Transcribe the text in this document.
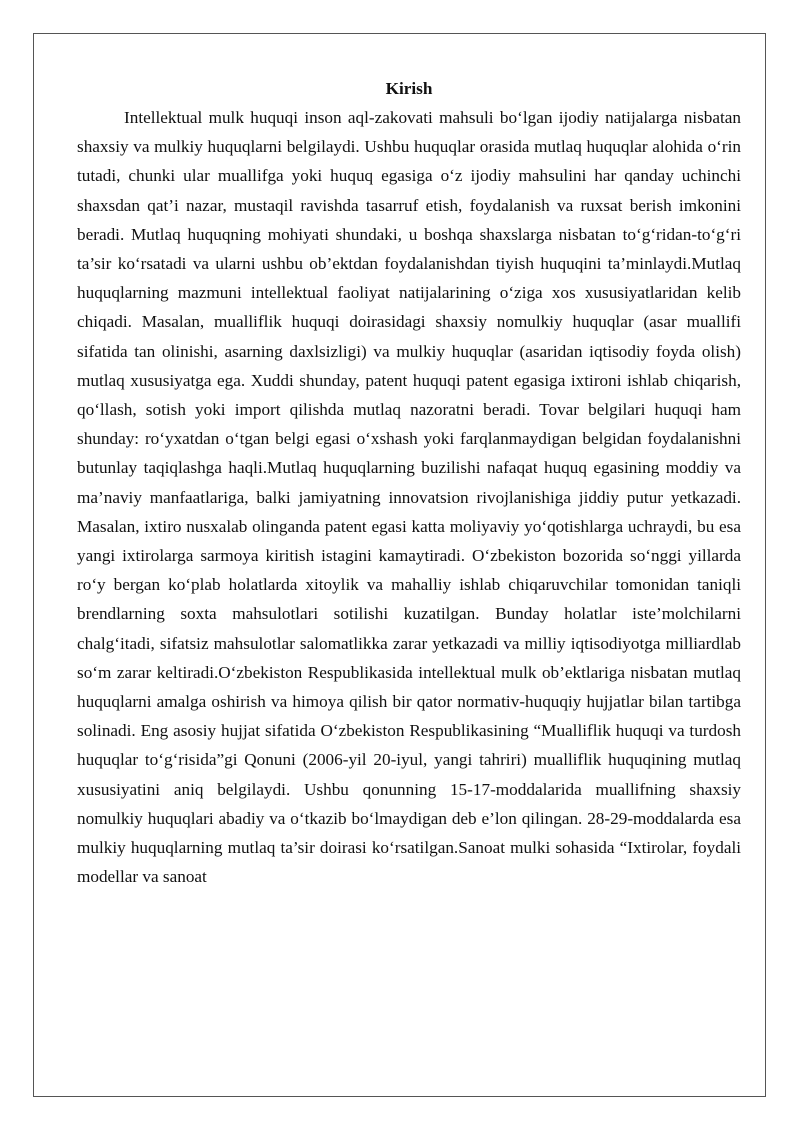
Kirish

Intellektual mulk huquqi inson aql-zakovati mahsuli bo‘lgan ijodiy natijalarga nisbatan shaxsiy va mulkiy huquqlarni belgilaydi. Ushbu huquqlar orasida mutlaq huquqlar alohida o‘rin tutadi, chunki ular muallifga yoki huquq egasiga o‘z ijodiy mahsulini har qanday uchinchi shaxsdan qat’i nazar, mustaqil ravishda tasarruf etish, foydalanish va ruxsat berish imkonini beradi. Mutlaq huquqning mohiyati shundaki, u boshqa shaxslarga nisbatan to‘g‘ridan-to‘g‘ri ta’sir ko‘rsatadi va ularni ushbu ob’ektdan foydalanishdan tiyish huquqini ta’minlaydi.Mutlaq huquqlarning mazmuni intellektual faoliyat natijalarining o‘ziga xos xususiyatlaridan kelib chiqadi. Masalan, mualliflik huquqi doirasidagi shaxsiy nomulkiy huquqlar (asar muallifi sifatida tan olinishi, asarning daxlsizligi) va mulkiy huquqlar (asaridan iqtisodiy foyda olish) mutlaq xususiyatga ega. Xuddi shunday, patent huquqi patent egasiga ixtironi ishlab chiqarish, qo‘llash, sotish yoki import qilishda mutlaq nazoratni beradi. Tovar belgilari huquqi ham shunday: ro‘yxatdan o‘tgan belgi egasi o‘xshash yoki farqlanmaydigan belgidan foydalanishni butunlay taqiqlashga haqli.Mutlaq huquqlarning buzilishi nafaqat huquq egasining moddiy va ma’naviy manfaatlariga, balki jamiyatning innovatsion rivojlanishiga jiddiy putur yetkazadi. Masalan, ixtiro nusxalab olinganda patent egasi katta moliyaviy yo‘qotishlarga uchraydi, bu esa yangi ixtirolarga sarmoya kiritish istagini kamaytiradi. O‘zbekiston bozorida so‘nggi yillarda ro‘y bergan ko‘plab holatlarda xitoylik va mahalliy ishlab chiqaruvchilar tomonidan taniqli brendlarning soxta mahsulotlari sotilishi kuzatilgan. Bunday holatlar iste’molchilarni chalg‘itadi, sifatsiz mahsulotlar salomatlikka zarar yetkazadi va milliy iqtisodiyotga milliardlab so‘m zarar keltiradi.O‘zbekiston Respublikasida intellektual mulk ob’ektlariga nisbatan mutlaq huquqlarni amalga oshirish va himoya qilish bir qator normativ-huquqiy hujjatlar bilan tartibga solinadi. Eng asosiy hujjat sifatida O‘zbekiston Respublikasining “Mualliflik huquqi va turdosh huquqlar to‘g‘risida”gi Qonuni (2006-yil 20-iyul, yangi tahriri) mualliflik huquqining mutlaq xususiyatini aniq belgilaydi. Ushbu qonunning 15-17-moddalarida muallifning shaxsiy nomulkiy huquqlari abadiy va o‘tkazib bo‘lmaydigan deb e’lon qilingan. 28-29-moddalarda esa mulkiy huquqlarning mutlaq ta’sir doirasi ko‘rsatilgan.Sanoat mulki sohasida “Ixtirolar, foydali modellar va sanoat
